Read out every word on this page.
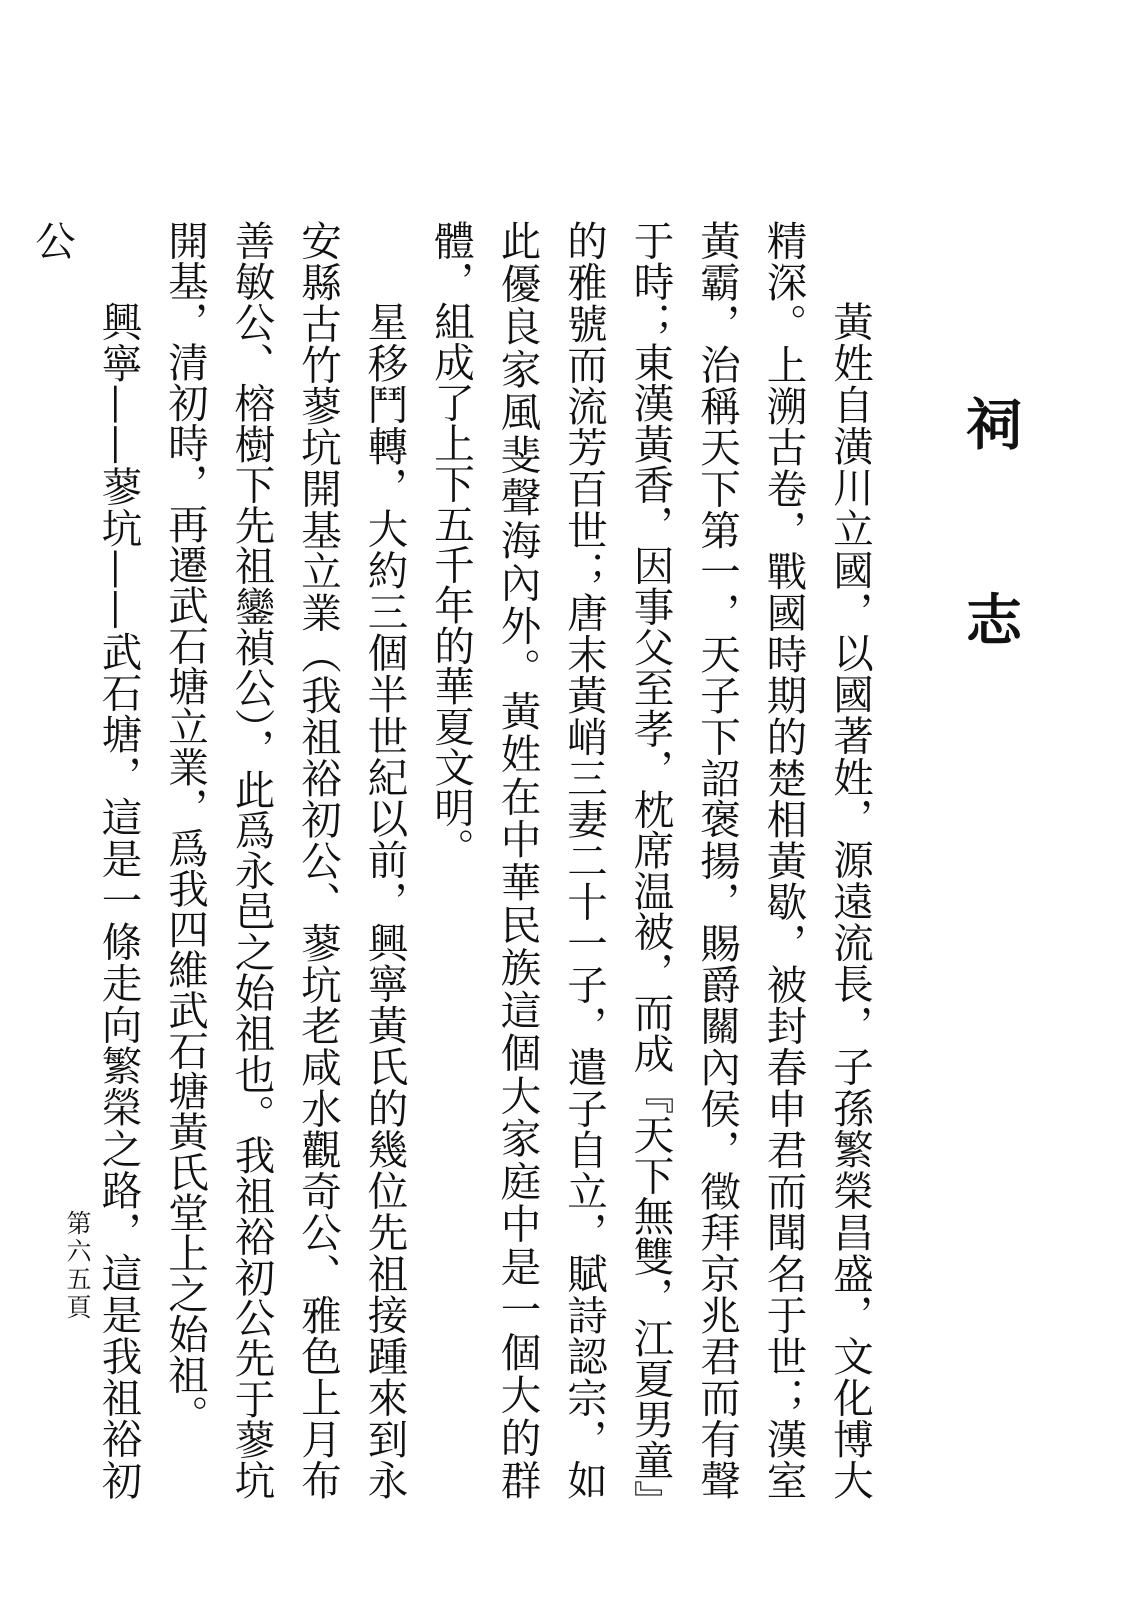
祠 志

黃姓自潢川立國，以國著姓，源遠流長，子孫繁榮昌盛，文化博大精深。上溯古卷，戰國時期的楚相黃歇，被封春申君而聞名于世；漢室黃霸，治稱天下第一，天子下詔褒揚，賜爵關內侯，徵拜京兆君而有聲于時；東漢黃香，因事父至孝，枕席温被，而成『天下無雙，江夏男童』的雅號而流芳百世；唐末黃峭三妻二十一子，遣子自立，賦詩認宗，如此優良家風斐聲海內外。黃姓在中華民族這個大家庭中是一個大的群體，組成了上下五千年的華夏文明。

星移鬥轉，大約三個半世紀以前，興寧黃氏的幾位先祖接踵來到永安縣古竹蓼坑開基立業（我祖裕初公、蓼坑老咸水觀奇公、雅色上月布善敏公、榕樹下先祖鑾禎公），此爲永邑之始祖也。我祖裕初公先于蓼坑開基，清初時，再遷武石塘立業，爲我四維武石塘黃氏堂上之始祖。

興寧——蓼坑——武石塘，這是一條走向繁榮之路，這是我祖裕初公

第六五頁
